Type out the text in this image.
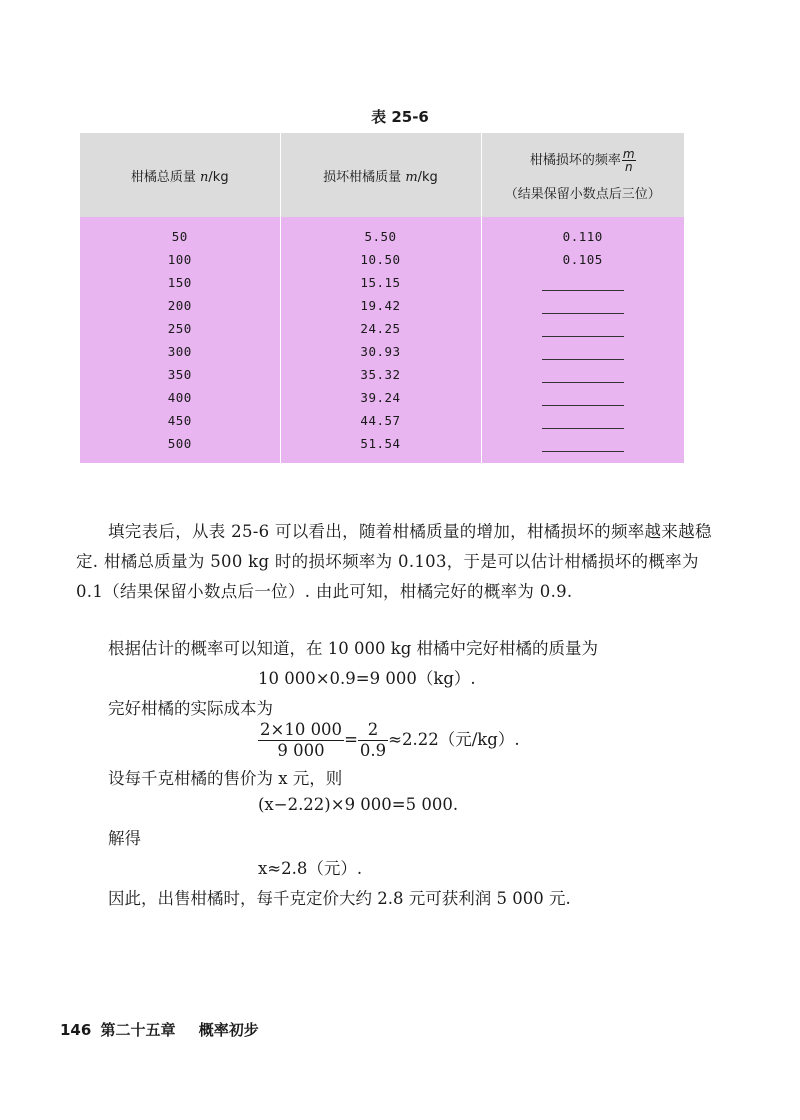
表 25-6
柑橘总质量 n/kg	损坏柑橘质量 m/kg	柑橘损坏的频率 $\frac{m}{n}$
（结果保留小数点后三位）

50	5.50	0.110
100	10.50	0.105
150	15.15	
200	19.42	
250	24.25	
300	30.93	
350	35.32	
400	39.24	
450	44.57	
500	51.54	
填完表后，从表 25-6 可以看出，随着柑橘质量的增加，柑橘损坏的频率越来越稳定. 柑橘总质量为 500 kg 时的损坏频率为 0.103，于是可以估计柑橘损坏的概率为 0.1（结果保留小数点后一位）. 由此可知，柑橘完好的概率为 0.9.
根据估计的概率可以知道，在 10 000 kg 柑橘中完好柑橘的质量为
10 000×0.9=9 000（kg）.
完好柑橘的实际成本为
$\frac{2\times 10 000}{9 000} = \frac{2}{0.9} \approx 2.22$（元/kg）.
设每千克柑橘的售价为 x 元，则
(x−2.22)×9 000=5 000.
解得
x≈2.8（元）.
因此，出售柑橘时，每千克定价大约 2.8 元可获利润 5 000 元.
146 第二十五章 概率初步
